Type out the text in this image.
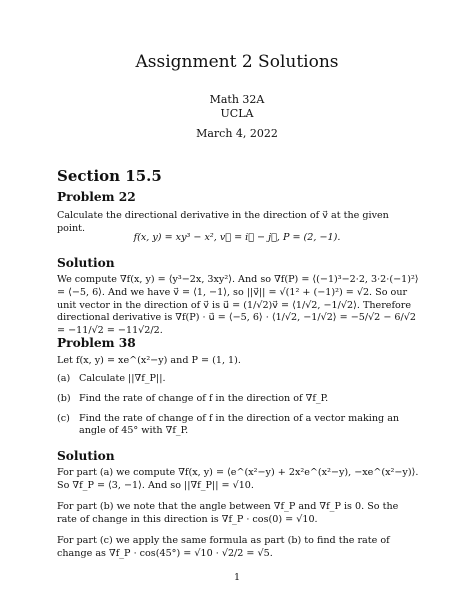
Assignment 2 Solutions
Math 32A
UCLA
March 4, 2022
Section 15.5
Problem 22
Calculate the directional derivative in the direction of v⃗ at the given point.
f(x, y) = xy³ − x², v⃗ = i⃗ − j⃗, P = (2, −1).
Solution
We compute ∇f(x, y) = ⟨y³−2x, 3xy²⟩. And so ∇f(P) = ⟨(−1)³−2·2, 3·2·(−1)²⟩ = ⟨−5, 6⟩. And we have v⃗ = ⟨1, −1⟩, so ||v⃗|| = √(1² + (−1)²) = √2. So our unit vector in the direction of v⃗ is u⃗ = (1/√2)v⃗ = ⟨1/√2, −1/√2⟩. Therefore directional derivative is ∇f(P) · u⃗ = ⟨−5, 6⟩ · ⟨1/√2, −1/√2⟩ = −5/√2 − 6/√2 = −11/√2 = −11√2/2.
Problem 38
Let f(x, y) = xe^(x²−y) and P = (1, 1).
(a) Calculate ||∇f_P||.
(b) Find the rate of change of f in the direction of ∇f_P.
(c) Find the rate of change of f in the direction of a vector making an angle of 45° with ∇f_P.
Solution
For part (a) we compute ∇f(x, y) = ⟨e^(x²−y) + 2x²e^(x²−y), −xe^(x²−y)⟩. So ∇f_P = ⟨3, −1⟩. And so ||∇f_P|| = √10.
For part (b) we note that the angle between ∇f_P and ∇f_P is 0. So the rate of change in this direction is ∇f_P · cos(0) = √10.
For part (c) we apply the same formula as part (b) to find the rate of change as ∇f_P · cos(45°) = √10 · √2/2 = √5.
1
